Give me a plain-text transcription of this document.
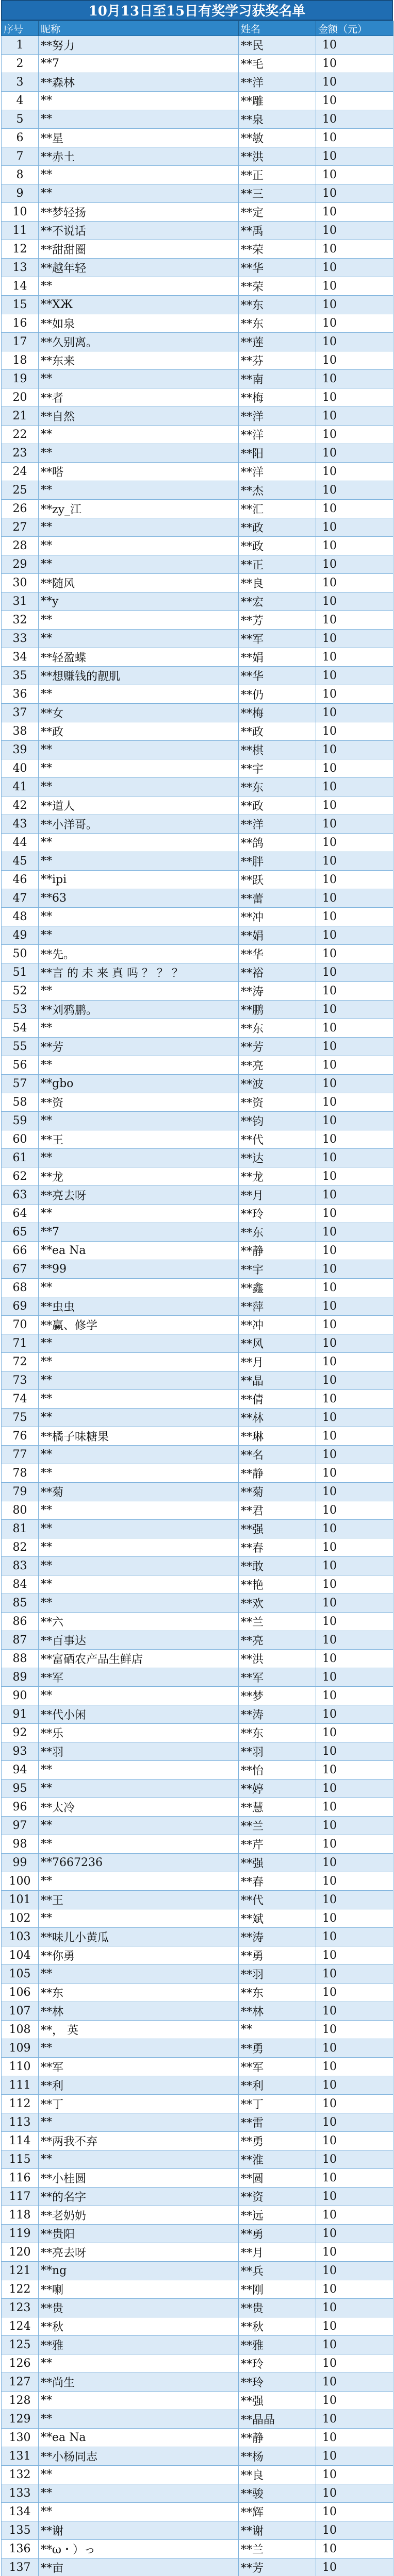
10月13日至15日有奖学习获奖名单
序号	昵称	姓名	金额（元）
1	**努力	**民	10
2	**7	**毛	10
3	**森林	**洋	10
4	**	**雕	10
5	**	**泉	10
6	**星	**敏	10
7	**赤土	**洪	10
8	**	**正	10
9	**	**三	10
10	**梦轻扬	**定	10
11	**不说话	**禹	10
12	**甜甜圈	**荣	10
13	**越年轻	**华	10
14	**	**荣	10
15	**ХЖ	**东	10
16	**如泉	**东	10
17	**久别离。	**莲	10
18	**东来	**芬	10
19	**	**南	10
20	**者	**梅	10
21	**自然	**洋	10
22	**	**洋	10
23	**	**阳	10
24	**嗒	**洋	10
25	**	**杰	10
26	**zy_江	**汇	10
27	**	**政	10
28	**	**政	10
29	**	**正	10
30	**随风	**良	10
31	**y	**宏	10
32	**	**芳	10
33	**	**军	10
34	**轻盈蝶	**娟	10
35	**想赚钱的靓肌	**华	10
36	**	**仍	10
37	**女	**梅	10
38	**政	**政	10
39	**	**棋	10
40	**	**宇	10
41	**	**东	10
42	**道人	**政	10
43	**小洋哥。	**洋	10
44	**	**鸽	10
45	**	**胖	10
46	**ipi	**跃	10
47	**63	**蕾	10
48	**	**冲	10
49	**	**娟	10
50	**先。	**华	10
51	**言 的 未 来 真 吗 ？ ？ ？	**裕	10
52	**	**涛	10
53	**刘鸦鹏。	**鹏	10
54	**	**东	10
55	**芳	**芳	10
56	**	**亮	10
57	**gbo	**波	10
58	**资	**资	10
59	**	**钧	10
60	**王	**代	10
61	**	**达	10
62	**龙	**龙	10
63	**亮去呀	**月	10
64	**	**玲	10
65	**7	**东	10
66	**ea Na	**静	10
67	**99	**宇	10
68	**	**鑫	10
69	**虫虫	**萍	10
70	**赢、修学	**冲	10
71	**	**风	10
72	**	**月	10
73	**	**晶	10
74	**	**倩	10
75	**	**林	10
76	**橘子味糖果	**琳	10
77	**	**名	10
78	**	**静	10
79	**菊	**菊	10
80	**	**君	10
81	**	**强	10
82	**	**春	10
83	**	**敢	10
84	**	**艳	10
85	**	**欢	10
86	**六	**兰	10
87	**百事达	**亮	10
88	**富硒农产品生鲜店	**洪	10
89	**军	**军	10
90	**	**梦	10
91	**代小闲	**涛	10
92	**乐	**东	10
93	**羽	**羽	10
94	**	**怡	10
95	**	**婷	10
96	**太冷	**慧	10
97	**	**兰	10
98	**	**芹	10
99	**7667236	**强	10
100	**	**春	10
101	**王	**代	10
102	**	**斌	10
103	**味儿小黄瓜	**涛	10
104	**你勇	**勇	10
105	**	**羽	10
106	**东	**东	10
107	**林	**林	10
108	**， 英	**	10
109	**	**勇	10
110	**军	**军	10
111	**利	**利	10
112	**丁	**丁	10
113	**	**雷	10
114	**两我不弃	**勇	10
115	**	**淮	10
116	**小桂圆	**圆	10
117	**的名字	**资	10
118	**老奶奶	**远	10
119	**贵阳	**勇	10
120	**亮去呀	**月	10
121	**ng	**兵	10
122	**喇	**刚	10
123	**贵	**贵	10
124	**秋	**秋	10
125	**雅	**雅	10
126	**	**玲	10
127	**尚生	**玲	10
128	**	**强	10
129	**	**晶晶	10
130	**ea Na	**静	10
131	**小杨同志	**杨	10
132	**	**良	10
133	**	**骏	10
134	**	**辉	10
135	**谢	**谢	10
136	**ω・）っ	**兰	10
137	**亩	**芳	10
